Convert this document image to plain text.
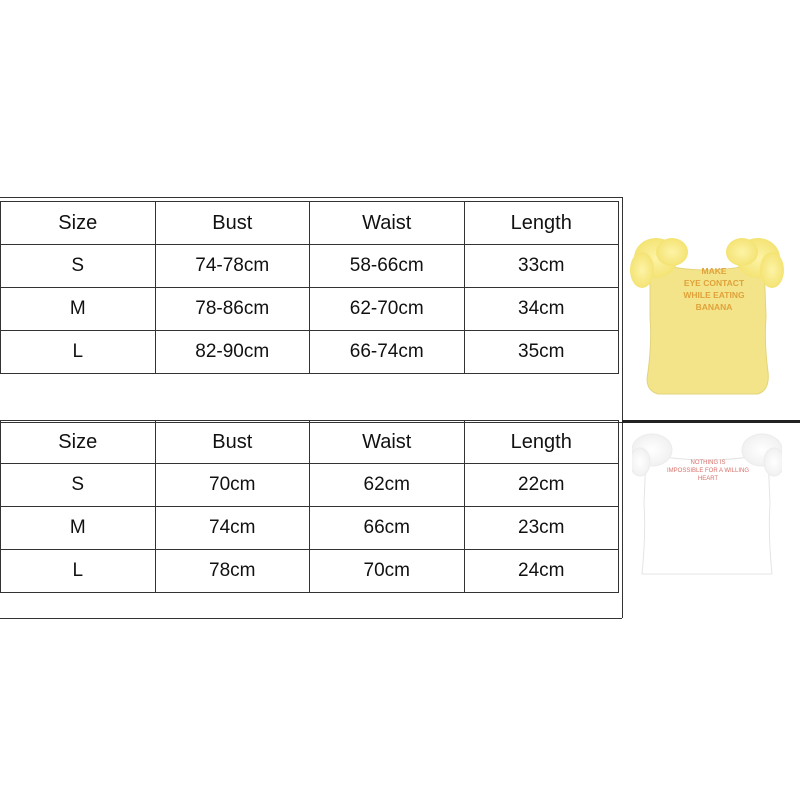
Size	Bust	Waist	Length
S	74-78cm	58-66cm	33cm
M	78-86cm	62-70cm	34cm
L	82-90cm	66-74cm	35cm
Size	Bust	Waist	Length
S	70cm	62cm	22cm
M	74cm	66cm	23cm
L	78cm	70cm	24cm
MAKE
EYE CONTACT
WHILE EATING
BANANA
NOTHING IS
IMPOSSIBLE FOR A WILLING
HEART
